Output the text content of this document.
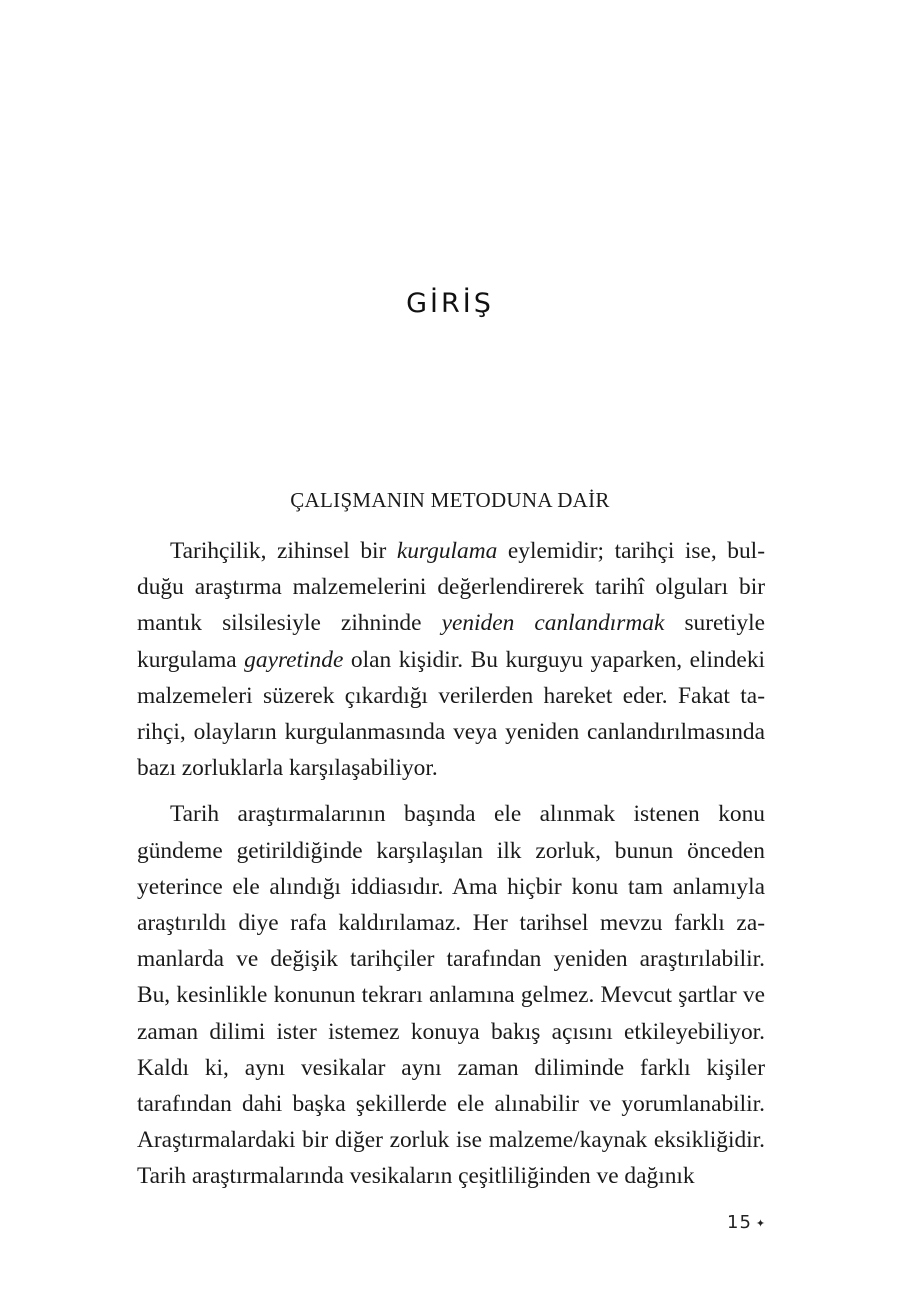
GİRİŞ
ÇALIŞMANIN METODUNA DAİR

Tarihçilik, zihinsel bir kurgulama eylemidir; tarihçi ise, bulduğu araştırma malzemelerini değerlendirerek tarihî olguları bir mantık silsilesiyle zihninde yeniden canlandırmak suretiyle kurgulama gayretinde olan kişidir. Bu kurguyu yaparken, elindeki malzemeleri süzerek çıkardığı verilerden hareket eder. Fakat tarihçi, olayların kurgulanmasında veya yeniden canlandırılmasında bazı zorluklarla karşılaşabiliyor.

Tarih araştırmalarının başında ele alınmak istenen konu gündeme getirildiğinde karşılaşılan ilk zorluk, bunun önceden yeterince ele alındığı iddiasıdır. Ama hiçbir konu tam anlamıyla araştırıldı diye rafa kaldırılamaz. Her tarihsel mevzu farklı zamanlarda ve değişik tarihçiler tarafından yeniden araştırılabilir. Bu, kesinlikle konunun tekrarı anlamına gelmez. Mevcut şartlar ve zaman dilimi ister istemez konuya bakış açısını etkileyebiliyor. Kaldı ki, aynı vesikalar aynı zaman diliminde farklı kişiler tarafından dahi başka şekillerde ele alınabilir ve yorumlanabilir. Araştırmalardaki bir diğer zorluk ise malzeme/kaynak eksikliğidir. Tarih araştırmalarında vesikaların çeşitliliğinden ve dağınık

15 ✦
